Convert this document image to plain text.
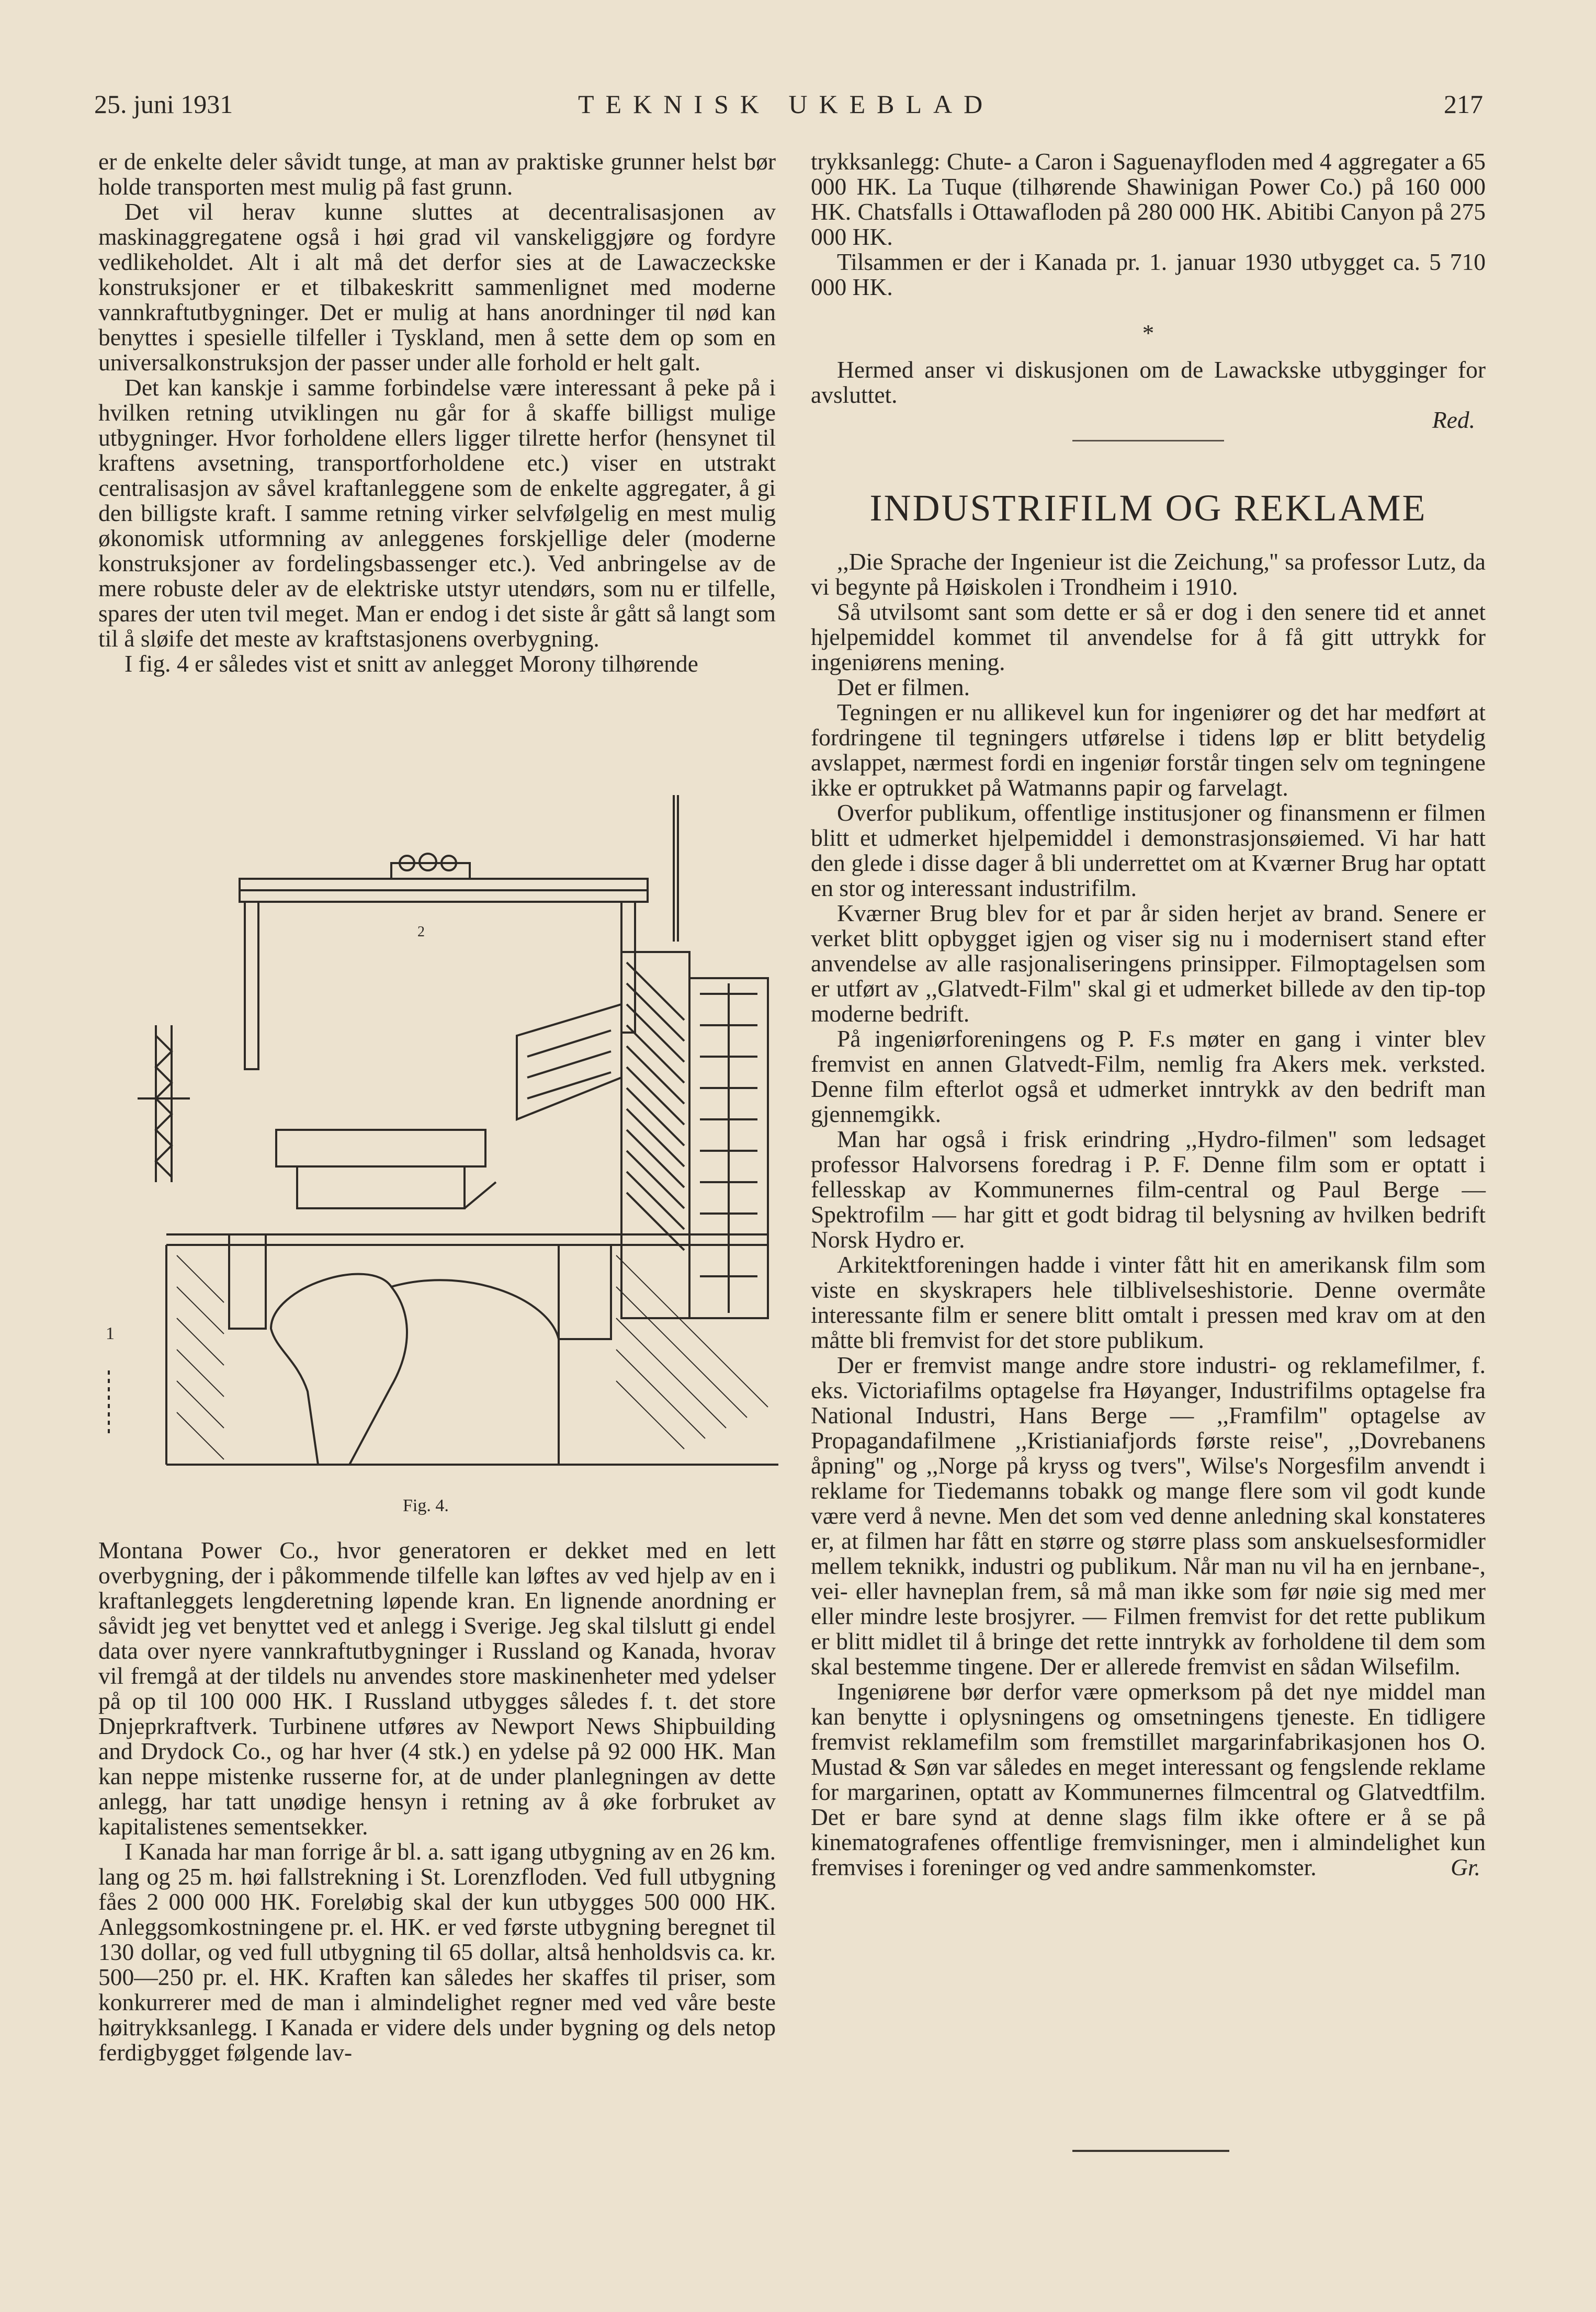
25. juni 1931	TEKNISK UKEBLAD	217

er de enkelte deler såvidt tunge, at man av praktiske grunner helst bør holde transporten mest mulig på fast grunn.

Det vil herav kunne sluttes at decentralisasjonen av maskinaggregatene også i høi grad vil vanskeliggjøre og fordyre vedlikeholdet. Alt i alt må det derfor sies at de Lawaczeckske konstruksjoner er et tilbakeskritt sammenlignet med moderne vannkraftutbygninger. Det er mulig at hans anordninger til nød kan benyttes i spesielle tilfeller i Tyskland, men å sette dem op som en universalkonstruksjon der passer under alle forhold er helt galt.

Det kan kanskje i samme forbindelse være interessant å peke på i hvilken retning utviklingen nu går for å skaffe billigst mulige utbygninger. Hvor forholdene ellers ligger tilrette herfor (hensynet til kraftens avsetning, transportforholdene etc.) viser en utstrakt centralisasjon av såvel kraftanleggene som de enkelte aggregater, å gi den billigste kraft. I samme retning virker selvfølgelig en mest mulig økonomisk utformning av anleggenes forskjellige deler (moderne konstruksjoner av fordelingsbassenger etc.). Ved anbringelse av de mere robuste deler av de elektriske utstyr utendørs, som nu er tilfelle, spares der uten tvil meget. Man er endog i det siste år gått så langt som til å sløife det meste av kraftstasjonens overbygning.

I fig. 4 er således vist et snitt av anlegget Morony tilhørende

1
2
Fig. 4.

Montana Power Co., hvor generatoren er dekket med en lett overbygning, der i påkommende tilfelle kan løftes av ved hjelp av en i kraftanleggets lengderetning løpende kran. En lignende anordning er såvidt jeg vet benyttet ved et anlegg i Sverige. Jeg skal tilslutt gi endel data over nyere vannkraftutbygninger i Russland og Kanada, hvorav vil fremgå at der tildels nu anvendes store maskinenheter med ydelser på op til 100 000 HK. I Russland utbygges således f. t. det store Dnjeprkraftverk. Turbinene utføres av Newport News Shipbuilding and Drydock Co., og har hver (4 stk.) en ydelse på 92 000 HK. Man kan neppe mistenke russerne for, at de under planlegningen av dette anlegg, har tatt unødige hensyn i retning av å øke forbruket av kapitalistenes sementsekker.

I Kanada har man forrige år bl. a. satt igang utbygning av en 26 km. lang og 25 m. høi fallstrekning i St. Lorenzfloden. Ved full utbygning fåes 2 000 000 HK. Foreløbig skal der kun utbygges 500 000 HK. Anleggsomkostningene pr. el. HK. er ved første utbygning beregnet til 130 dollar, og ved full utbygning til 65 dollar, altså henholdsvis ca. kr. 500—250 pr. el. HK. Kraften kan således her skaffes til priser, som konkurrerer med de man i almindelighet regner med ved våre beste høitrykksanlegg. I Kanada er videre dels under bygning og dels netop ferdigbygget følgende lav-

trykksanlegg: Chute- a Caron i Saguenayfloden med 4 aggregater a 65 000 HK. La Tuque (tilhørende Shawinigan Power Co.) på 160 000 HK. Chatsfalls i Ottawafloden på 280 000 HK. Abitibi Canyon på 275 000 HK.

Tilsammen er der i Kanada pr. 1. januar 1930 utbygget ca. 5 710 000 HK.

*

Hermed anser vi diskusjonen om de Lawackske utbygginger for avsluttet.

Red.
INDUSTRIFILM OG REKLAME

,,Die Sprache der Ingenieur ist die Zeichung,'' sa professor Lutz, da vi begynte på Høiskolen i Trondheim i 1910.

Så utvilsomt sant som dette er så er dog i den senere tid et annet hjelpemiddel kommet til anvendelse for å få gitt uttrykk for ingeniørens mening.

Det er filmen.

Tegningen er nu allikevel kun for ingeniører og det har medført at fordringene til tegningers utførelse i tidens løp er blitt betydelig avslappet, nærmest fordi en ingeniør forstår tingen selv om tegningene ikke er optrukket på Watmanns papir og farvelagt.

Overfor publikum, offentlige institusjoner og finansmenn er filmen blitt et udmerket hjelpemiddel i demonstrasjonsøiemed. Vi har hatt den glede i disse dager å bli underrettet om at Kværner Brug har optatt en stor og interessant industrifilm.

Kværner Brug blev for et par år siden herjet av brand. Senere er verket blitt opbygget igjen og viser sig nu i modernisert stand efter anvendelse av alle rasjonaliseringens prinsipper. Filmoptagelsen som er utført av ,,Glatvedt-Film'' skal gi et udmerket billede av den tip-top moderne bedrift.

På ingeniørforeningens og P. F.s møter en gang i vinter blev fremvist en annen Glatvedt-Film, nemlig fra Akers mek. verksted. Denne film efterlot også et udmerket inntrykk av den bedrift man gjennemgikk.

Man har også i frisk erindring ,,Hydro-filmen'' som ledsaget professor Halvorsens foredrag i P. F. Denne film som er optatt i fellesskap av Kommunernes film-central og Paul Berge — Spektrofilm — har gitt et godt bidrag til belysning av hvilken bedrift Norsk Hydro er.

Arkitektforeningen hadde i vinter fått hit en amerikansk film som viste en skyskrapers hele tilblivelseshistorie. Denne overmåte interessante film er senere blitt omtalt i pressen med krav om at den måtte bli fremvist for det store publikum.

Der er fremvist mange andre store industri- og reklamefilmer, f. eks. Victoriafilms optagelse fra Høyanger, Industrifilms optagelse fra National Industri, Hans Berge — ,,Framfilm'' optagelse av Propagandafilmene ,,Kristianiafjords første reise'', ,,Dovrebanens åpning'' og ,,Norge på kryss og tvers'', Wilse's Norgesfilm anvendt i reklame for Tiedemanns tobakk og mange flere som vil godt kunde være verd å nevne. Men det som ved denne anledning skal konstateres er, at filmen har fått en større og større plass som anskuelsesformidler mellem teknikk, industri og publikum. Når man nu vil ha en jernbane-, vei- eller havneplan frem, så må man ikke som før nøie sig med mer eller mindre leste brosjyrer. — Filmen fremvist for det rette publikum er blitt midlet til å bringe det rette inntrykk av forholdene til dem som skal bestemme tingene. Der er allerede fremvist en sådan Wilsefilm.

Ingeniørene bør derfor være opmerksom på det nye middel man kan benytte i oplysningens og omsetningens tjeneste. En tidligere fremvist reklamefilm som fremstillet margarinfabrikasjonen hos O. Mustad & Søn var således en meget interessant og fengslende reklame for margarinen, optatt av Kommunernes filmcentral og Glatvedtfilm. Det er bare synd at denne slags film ikke oftere er å se på kinematografenes offentlige fremvisninger, men i almindelighet kun fremvises i foreninger og ved andre sammenkomster.	Gr.
